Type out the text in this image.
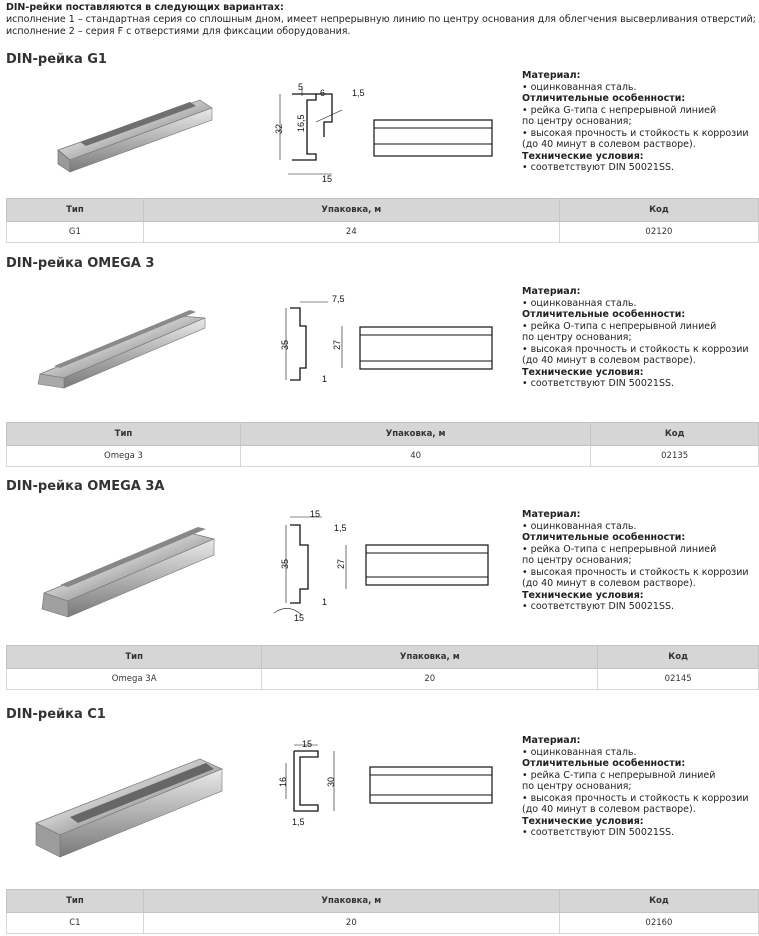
DIN-рейки поставляются в следующих вариантах:
исполнение 1 – стандартная серия со сплошным дном, имеет непрерывную линию по центру основания для облегчения высверливания отверстий;
исполнение 2 – серия F с отверстиями для фиксации оборудования.
DIN-рейка G1
5
6	1,5
32 16,5
15
Материал:
• оцинкованная сталь.
Отличительные особенности:
• рейка G-типа с непрерывной линией
по центру основания;
• высокая прочность и стойкость к коррозии
(до 40 минут в солевом растворе).
Технические условия:
• соответствуют DIN 50021SS.
Тип	Упаковка, м	Код
G1	24	02120
DIN-рейка OMEGA 3
7,5
35	27
1
Материал:
• оцинкованная сталь.
Отличительные особенности:
• рейка О-типа с непрерывной линией
по центру основания;
• высокая прочность и стойкость к коррозии
(до 40 минут в солевом растворе).
Технические условия:
• соответствуют DIN 50021SS.
Тип	Упаковка, м	Код
Omega 3	40	02135
DIN-рейка OMEGA 3A
15
1,5
35	27
1
15
Материал:
• оцинкованная сталь.
Отличительные особенности:
• рейка О-типа с непрерывной линией
по центру основания;
• высокая прочность и стойкость к коррозии
(до 40 минут в солевом растворе).
Технические условия:
• соответствуют DIN 50021SS.
Тип	Упаковка, м	Код
Omega 3A	20	02145
DIN-рейка C1
15
16	30
1,5
Материал:
• оцинкованная сталь.
Отличительные особенности:
• рейка С-типа с непрерывной линией
по центру основания;
• высокая прочность и стойкость к коррозии
(до 40 минут в солевом растворе).
Технические условия:
• соответствуют DIN 50021SS.
Тип	Упаковка, м	Код
C1	20	02160
